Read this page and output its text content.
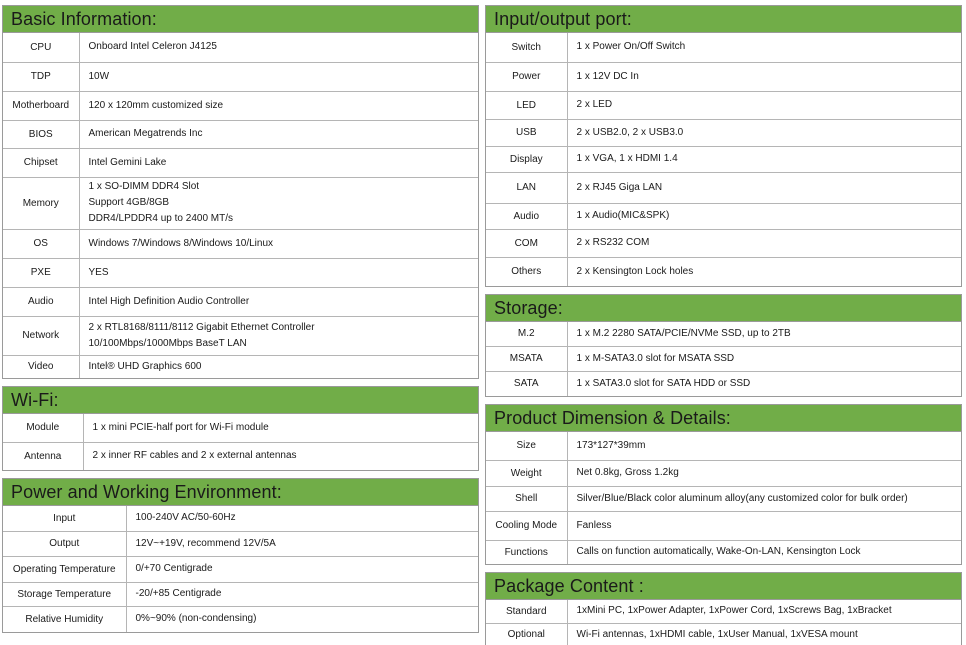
Basic Information:
CPU	Onboard Intel Celeron J4125

TDP	10W

Motherboard	120 x 120mm customized size

BIOS	American Megatrends Inc

Chipset	Intel Gemini Lake

Memory	1 x SO-DIMM DDR4 Slot
Support 4GB/8GB
DDR4/LPDDR4 up to 2400 MT/s

OS	Windows 7/Windows 8/Windows 10/Linux

PXE	YES

Audio	Intel High Definition Audio Controller

Network	2 x RTL8168/8111/8112 Gigabit Ethernet Controller
10/100Mbps/1000Mbps BaseT LAN

Video	Intel® UHD Graphics 600
Wi-Fi:
Module	1 x mini PCIE-half port for Wi-Fi module

Antenna	2 x inner RF cables and 2 x external antennas
Power and Working Environment:
Input	100-240V AC/50-60Hz

Output	12V~+19V, recommend 12V/5A

Operating Temperature	0/+70 Centigrade

Storage Temperature	-20/+85 Centigrade

Relative Humidity	0%~90% (non-condensing)
Input/output port:
Switch	1 x Power On/Off Switch

Power	1 x 12V DC In

LED	2 x LED

USB	2 x USB2.0, 2 x USB3.0

Display	1 x VGA, 1 x HDMI 1.4

LAN	2 x RJ45 Giga LAN

Audio	1 x Audio(MIC&SPK)

COM	2 x RS232 COM

Others	2 x Kensington Lock holes
Storage:
M.2	1 x M.2 2280 SATA/PCIE/NVMe SSD, up to 2TB

MSATA	1 x M-SATA3.0 slot for MSATA SSD

SATA	1 x SATA3.0 slot for SATA HDD or SSD
Product Dimension & Details:
Size	173*127*39mm

Weight	Net 0.8kg, Gross 1.2kg

Shell	Silver/Blue/Black color aluminum alloy(any customized color for bulk order)

Cooling Mode	Fanless

Functions	Calls on function automatically, Wake-On-LAN, Kensington Lock
Package Content :
Standard	1xMini PC, 1xPower Adapter, 1xPower Cord, 1xScrews Bag, 1xBracket

Optional	Wi-Fi antennas, 1xHDMI cable, 1xUser Manual, 1xVESA mount
